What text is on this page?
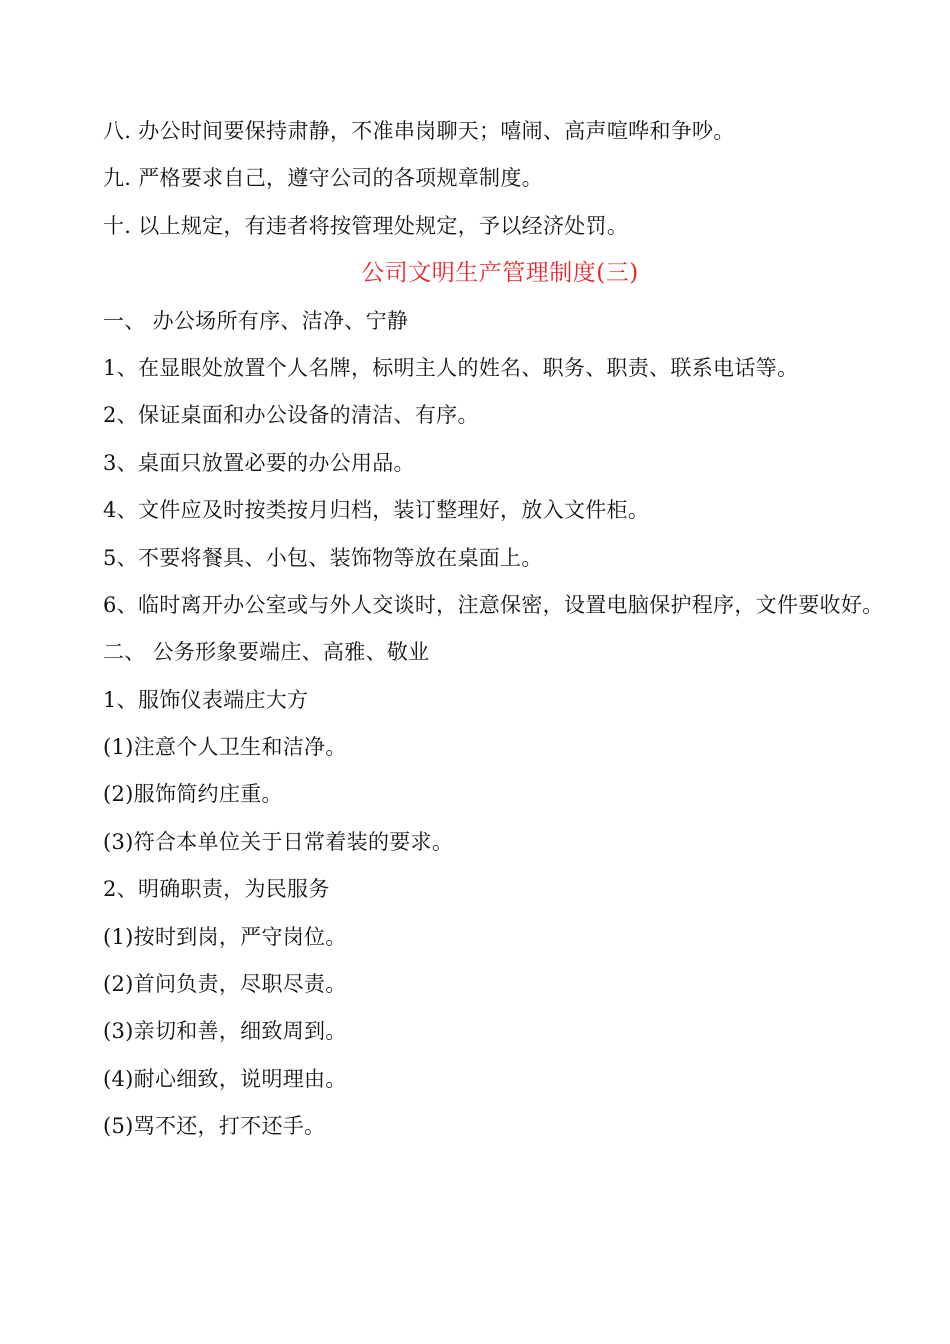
八. 办公时间要保持肃静，不准串岗聊天；嘻闹、高声喧哗和争吵。
九. 严格要求自己，遵守公司的各项规章制度。
十. 以上规定，有违者将按管理处规定，予以经济处罚。
公司文明生产管理制度(三)
一、 办公场所有序、洁净、宁静
1、在显眼处放置个人名牌，标明主人的姓名、职务、职责、联系电话等。
2、保证桌面和办公设备的清洁、有序。
3、桌面只放置必要的办公用品。
4、文件应及时按类按月归档，装订整理好，放入文件柜。
5、不要将餐具、小包、装饰物等放在桌面上。
6、临时离开办公室或与外人交谈时，注意保密，设置电脑保护程序，文件要收好。
二、 公务形象要端庄、高雅、敬业
1、服饰仪表端庄大方
(1)注意个人卫生和洁净。
(2)服饰简约庄重。
(3)符合本单位关于日常着装的要求。
2、明确职责，为民服务
(1)按时到岗，严守岗位。
(2)首问负责，尽职尽责。
(3)亲切和善，细致周到。
(4)耐心细致，说明理由。
(5)骂不还，打不还手。
